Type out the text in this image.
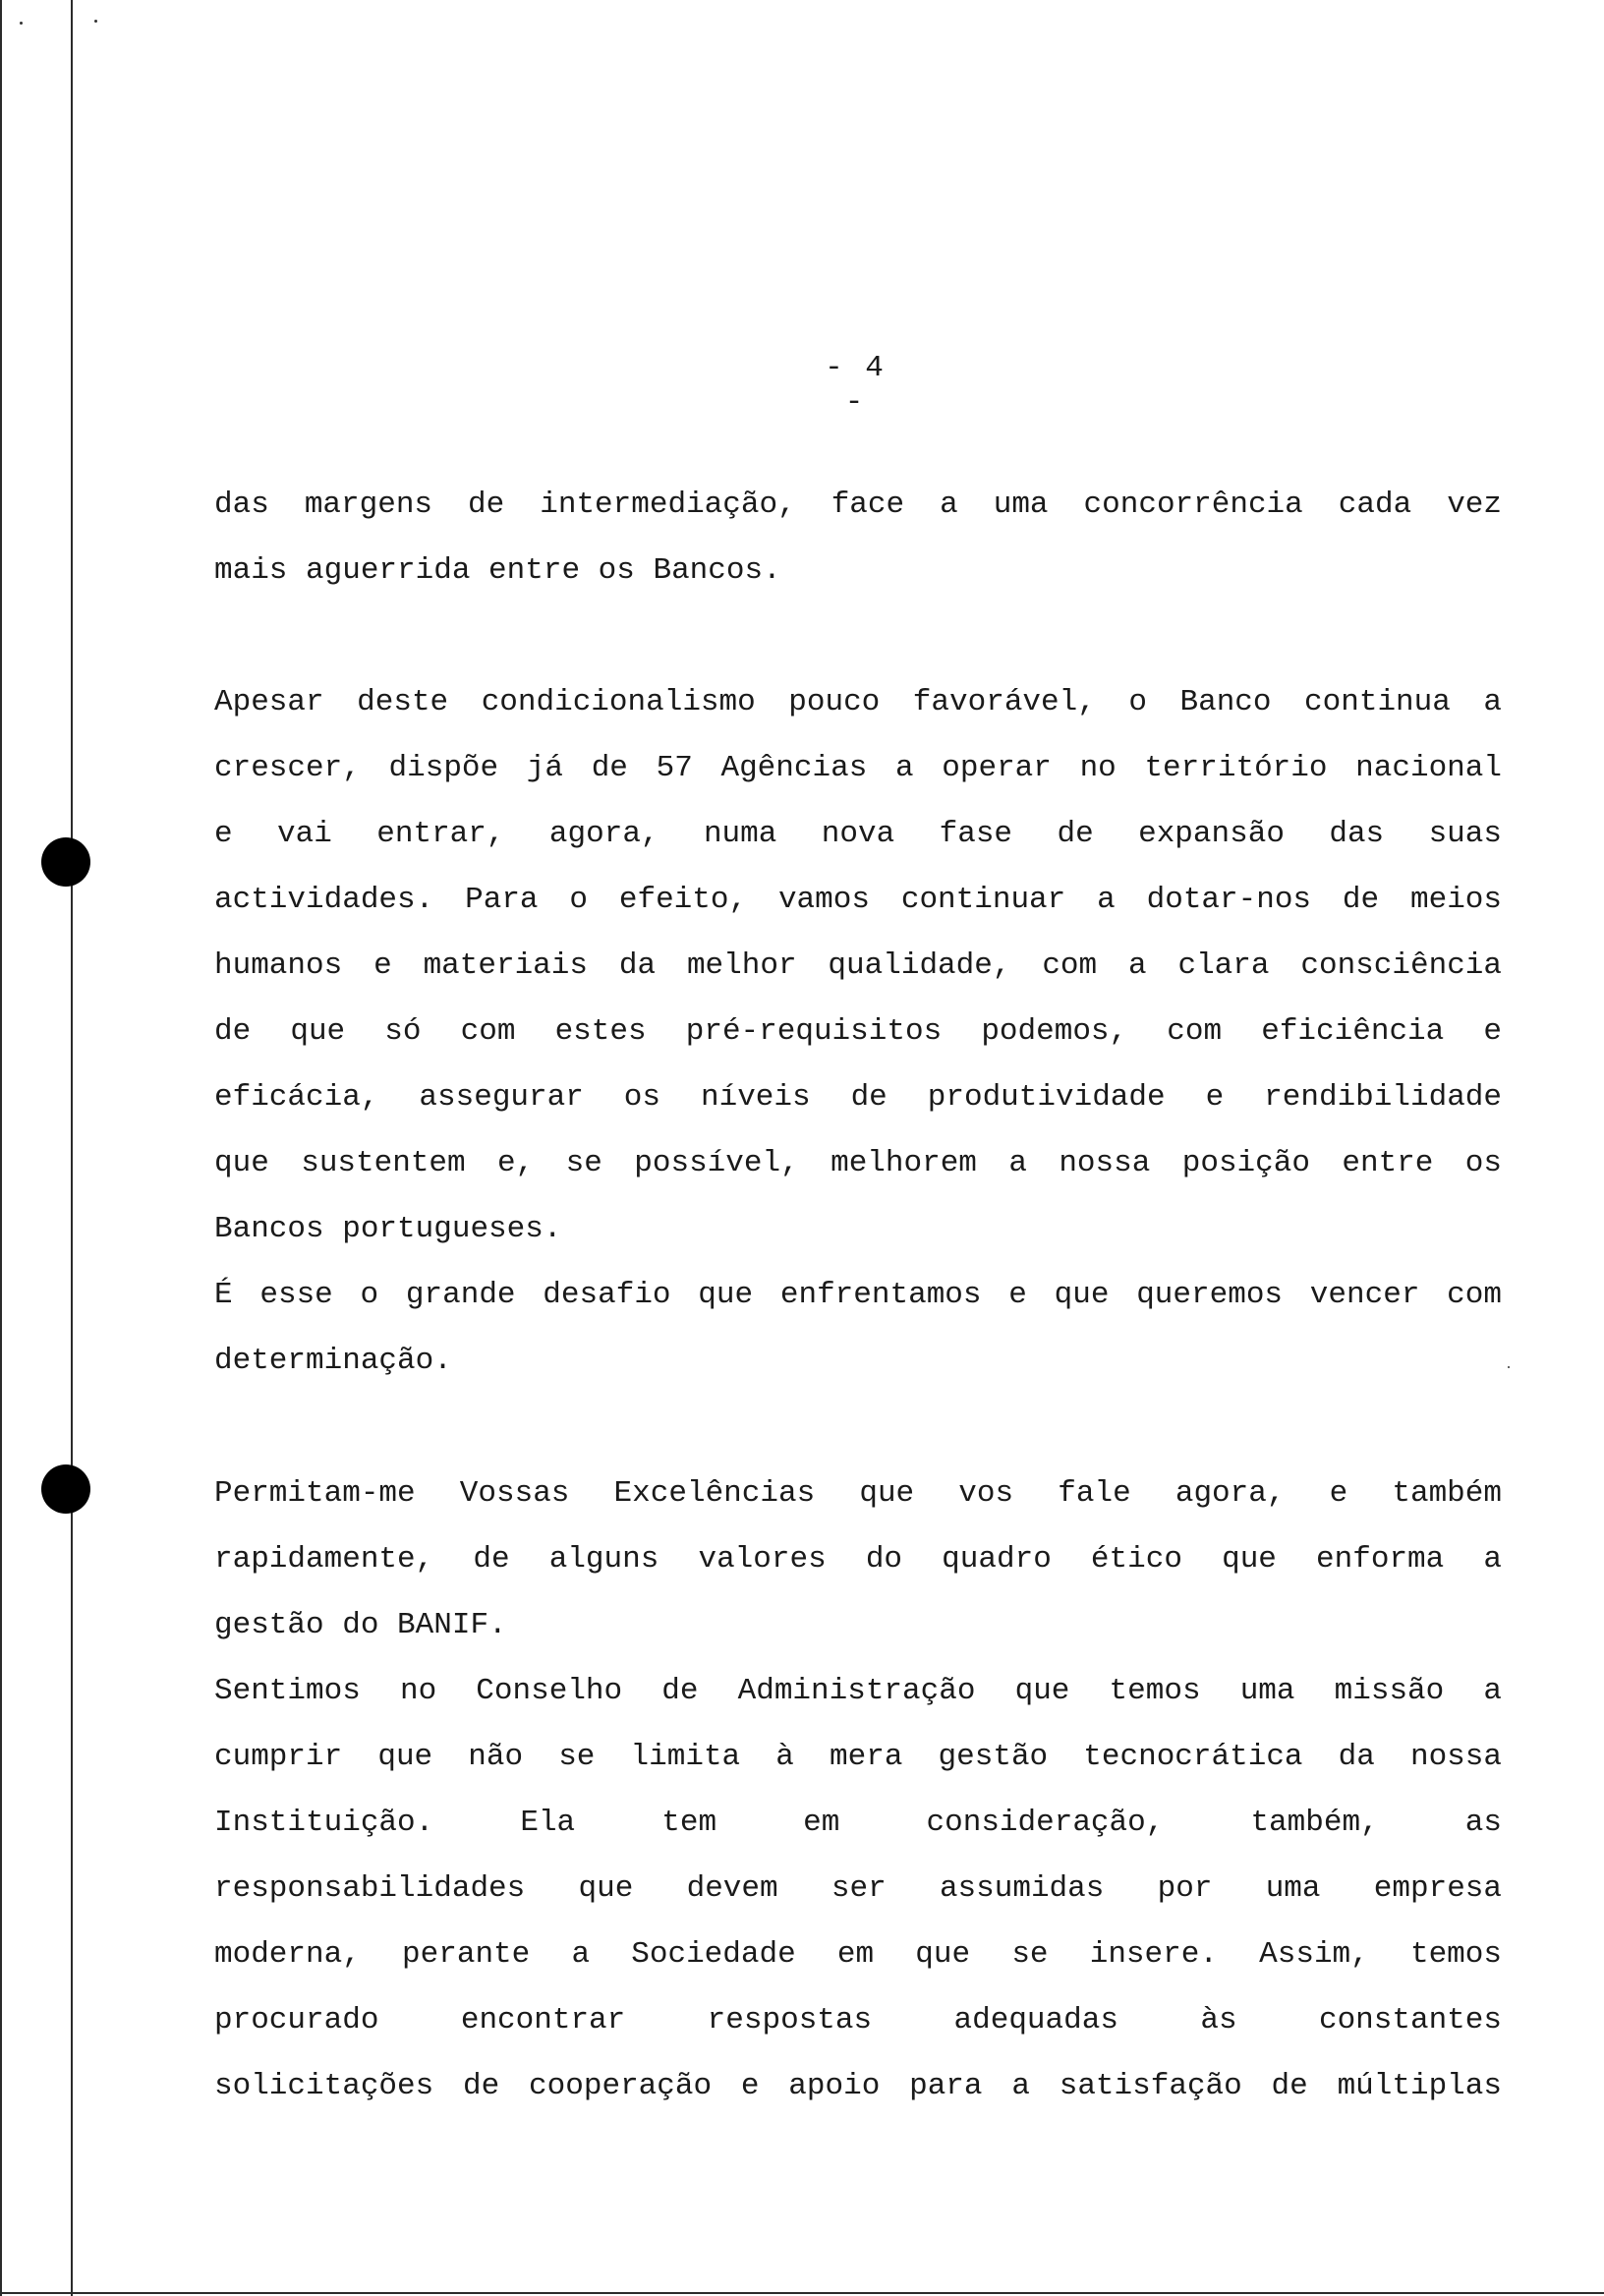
- 4 -
das margens de intermediação, face a uma concorrência cada vez
mais aguerrida entre os Bancos.
Apesar deste condicionalismo pouco favorável, o Banco continua a
crescer, dispõe já de 57 Agências a operar no território nacional
e vai entrar, agora, numa nova fase de expansão das suas
actividades. Para o efeito, vamos continuar a dotar-nos de meios
humanos e materiais da melhor qualidade, com a clara consciência
de que só com estes pré-requisitos podemos, com eficiência e
eficácia, assegurar os níveis de produtividade e rendibilidade
que sustentem e, se possível, melhorem a nossa posição entre os
Bancos portugueses.
É esse o grande desafio que enfrentamos e que queremos vencer com
determinação.
Permitam-me Vossas Excelências que vos fale agora, e também
rapidamente, de alguns valores do quadro ético que enforma a
gestão do BANIF.
Sentimos no Conselho de Administração que temos uma missão a
cumprir que não se limita à mera gestão tecnocrática da nossa
Instituição. Ela tem em consideração, também, as
responsabilidades que devem ser assumidas por uma empresa
moderna, perante a Sociedade em que se insere. Assim, temos
procurado encontrar respostas adequadas às constantes
solicitações de cooperação e apoio para a satisfação de múltiplas
